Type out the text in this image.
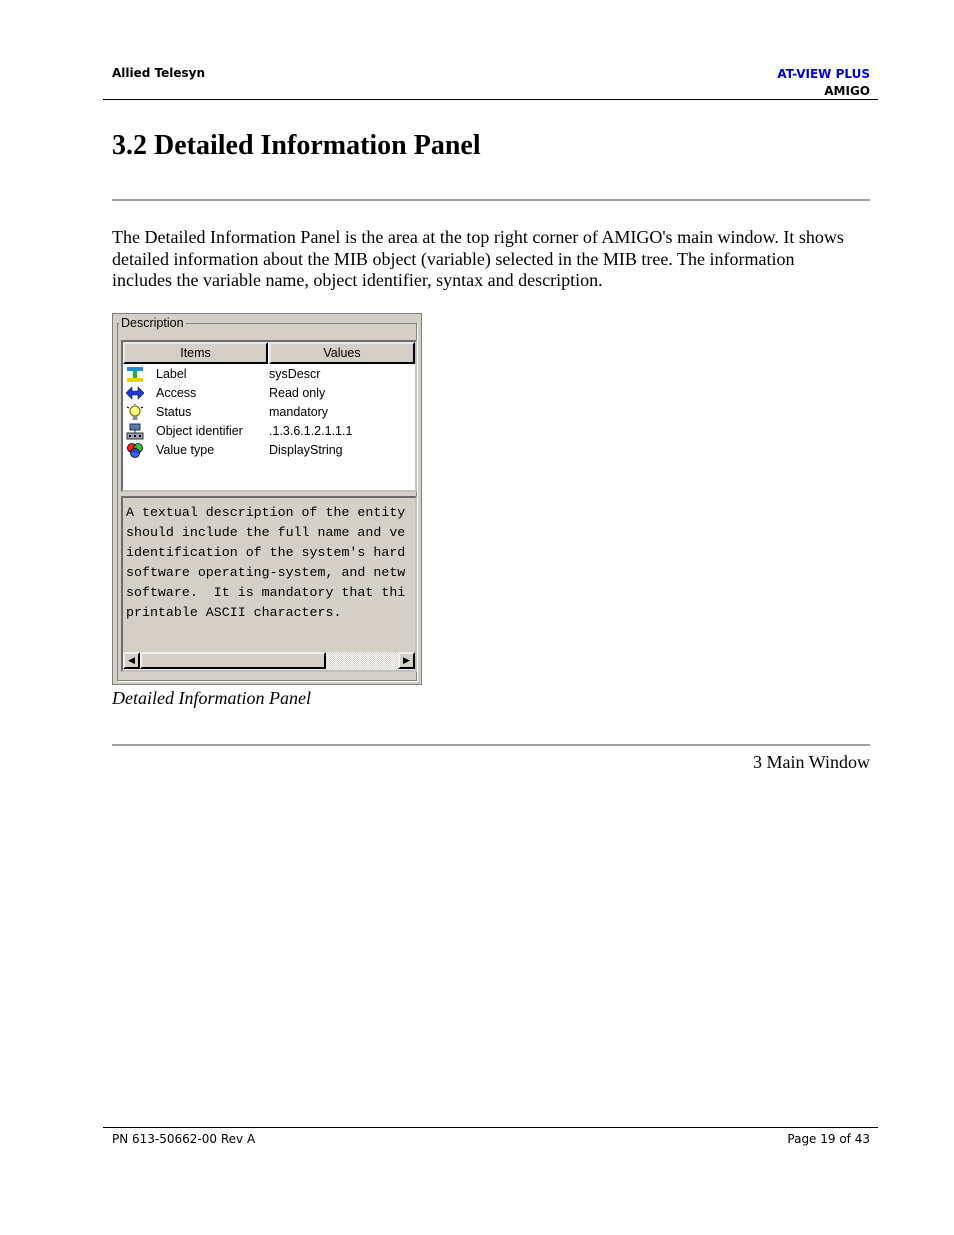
Allied Telesyn	AT-VIEW PLUS
AMIGO
3.2 Detailed Information Panel

The Detailed Information Panel is the area at the top right corner of AMIGO's main window. It shows detailed information about the MIB object (variable) selected in the MIB tree. The information includes the variable name, object identifier, syntax and description.

Description
Items	Values
Label	sysDescr
Access	Read only
Status	mandatory
Object identifier .1.3.6.1.2.1.1.1
Value type	DisplayString
A textual description of the entity
should include the full name and ve
identification of the system's hard
software operating-system, and netw
software.  It is mandatory that thi
printable ASCII characters.
◀	▶

Detailed Information Panel

3 Main Window
PN 613-50662-00 Rev A	Page 19 of 43
